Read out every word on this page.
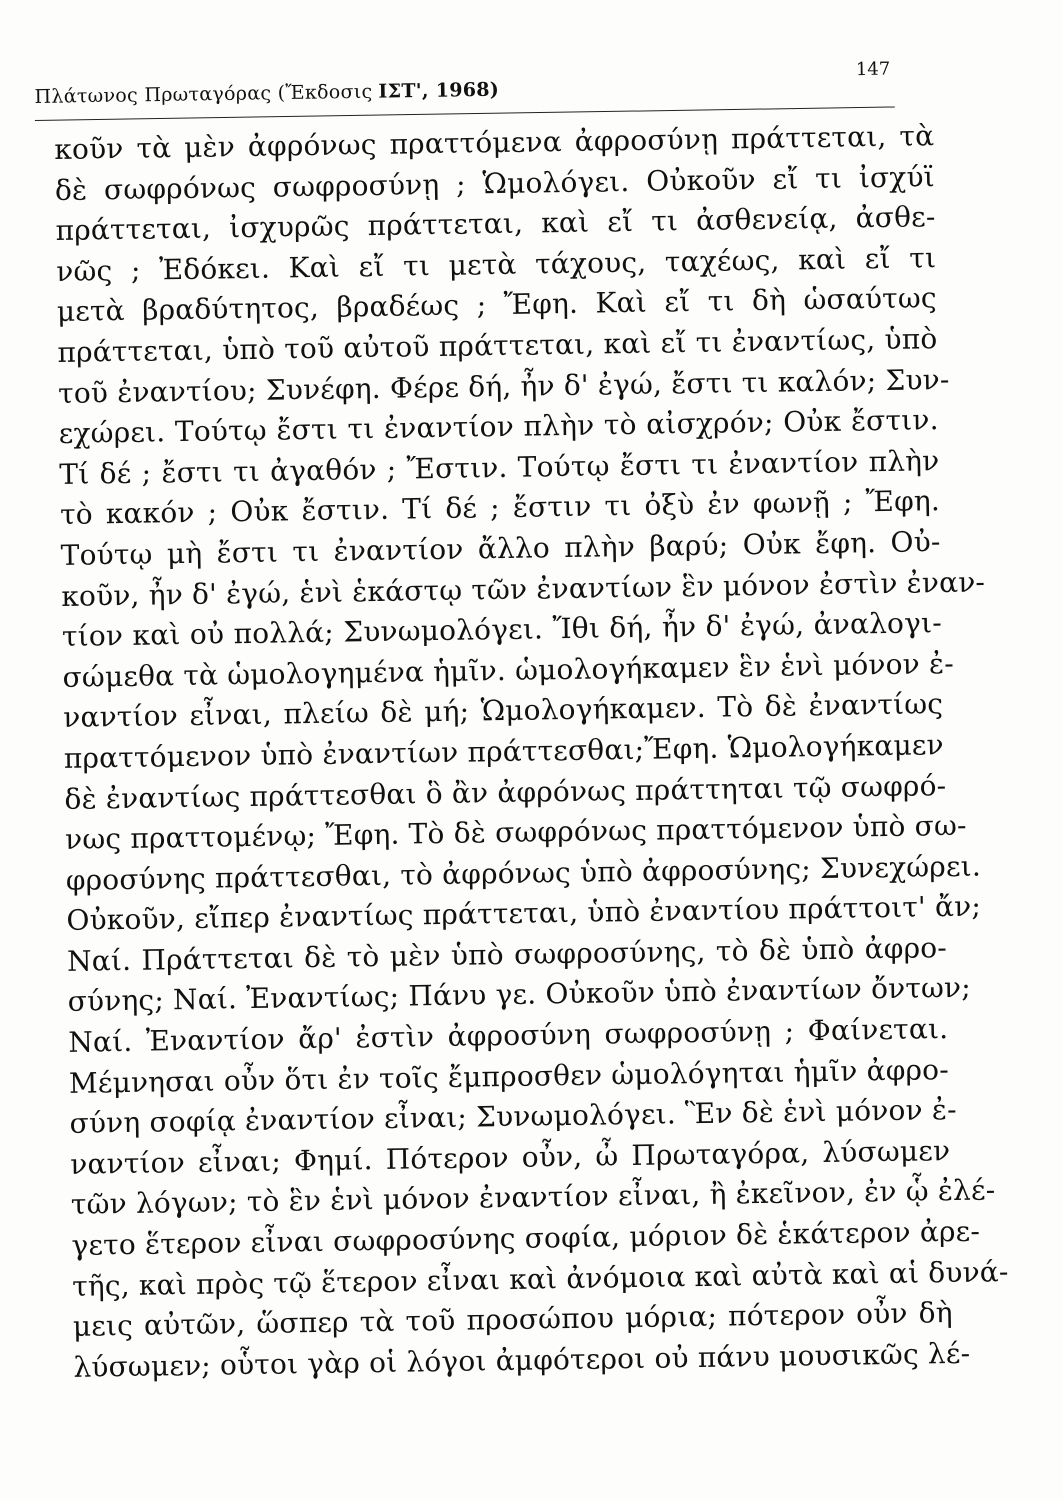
Πλάτωνος Πρωταγόρας (Ἔκδοσις ΙΣΤ', 1968)
147
κοῦν τὰ μὲν ἀφρόνως πραττόμενα ἀφροσύνῃ πράττεται, τὰ
δὲ σωφρόνως σωφροσύνῃ ; Ὡμολόγει. Οὐκοῦν εἴ τι ἰσχύϊ
πράττεται, ἰσχυρῶς πράττεται, καὶ εἴ τι ἀσθενείᾳ, ἀσθε-
νῶς ; Ἐδόκει. Καὶ εἴ τι μετὰ τάχους, ταχέως, καὶ εἴ τι
μετὰ βραδύτητος, βραδέως ; Ἔφη. Καὶ εἴ τι δὴ ὡσαύτως
πράττεται, ὑπὸ τοῦ αὐτοῦ πράττεται, καὶ εἴ τι ἐναντίως, ὑπὸ
τοῦ ἐναντίου; Συνέφη. Φέρε δή, ἦν δ' ἐγώ, ἔστι τι καλόν; Συν-
εχώρει. Τούτῳ ἔστι τι ἐναντίον πλὴν τὸ αἰσχρόν; Οὐκ ἔστιν.
Τί δέ ; ἔστι τι ἀγαθόν ; Ἔστιν. Τούτῳ ἔστι τι ἐναντίον πλὴν
τὸ κακόν ; Οὐκ ἔστιν. Τί δέ ; ἔστιν τι ὀξὺ ἐν φωνῇ ; Ἔφη.
Τούτῳ μὴ ἔστι τι ἐναντίον ἄλλο πλὴν βαρύ; Οὐκ ἔφη. Οὐ-
κοῦν, ἦν δ' ἐγώ, ἑνὶ ἑκάστῳ τῶν ἐναντίων ἓν μόνον ἐστὶν ἐναν-
τίον καὶ οὐ πολλά; Συνωμολόγει. Ἴθι δή, ἦν δ' ἐγώ, ἀναλογι-
σώμεθα τὰ ὡμολογημένα ἡμῖν. ὡμολογήκαμεν ἓν ἑνὶ μόνον ἐ-
ναντίον εἶναι, πλείω δὲ μή; Ὡμολογήκαμεν. Τὸ δὲ ἐναντίως
πραττόμενον ὑπὸ ἐναντίων πράττεσθαι;Ἔφη. Ὡμολογήκαμεν
δὲ ἐναντίως πράττεσθαι ὃ ἂν ἀφρόνως πράττηται τῷ σωφρό-
νως πραττομένῳ; Ἔφη. Τὸ δὲ σωφρόνως πραττόμενον ὑπὸ σω-
φροσύνης πράττεσθαι, τὸ ἀφρόνως ὑπὸ ἀφροσύνης; Συνεχώρει.
Οὐκοῦν, εἴπερ ἐναντίως πράττεται, ὑπὸ ἐναντίου πράττοιτ' ἄν;
Ναί. Πράττεται δὲ τὸ μὲν ὑπὸ σωφροσύνης, τὸ δὲ ὑπὸ ἀφρο-
σύνης; Ναί. Ἐναντίως; Πάνυ γε. Οὐκοῦν ὑπὸ ἐναντίων ὄντων;
Ναί. Ἐναντίον ἄρ' ἐστὶν ἀφροσύνη σωφροσύνῃ ; Φαίνεται.
Μέμνησαι οὖν ὅτι ἐν τοῖς ἔμπροσθεν ὡμολόγηται ἡμῖν ἀφρο-
σύνη σοφίᾳ ἐναντίον εἶναι; Συνωμολόγει. Ἓν δὲ ἑνὶ μόνον ἐ-
ναντίον εἶναι; Φημί. Πότερον οὖν, ὦ Πρωταγόρα, λύσωμεν
τῶν λόγων; τὸ ἓν ἑνὶ μόνον ἐναντίον εἶναι, ἢ ἐκεῖνον, ἐν ᾧ ἐλέ-
γετο ἕτερον εἶναι σωφροσύνης σοφία, μόριον δὲ ἑκάτερον ἀρε-
τῆς, καὶ πρὸς τῷ ἕτερον εἶναι καὶ ἀνόμοια καὶ αὐτὰ καὶ αἱ δυνά-
μεις αὐτῶν, ὥσπερ τὰ τοῦ προσώπου μόρια; πότερον οὖν δὴ
λύσωμεν; οὗτοι γὰρ οἱ λόγοι ἀμφότεροι οὐ πάνυ μουσικῶς λέ-
